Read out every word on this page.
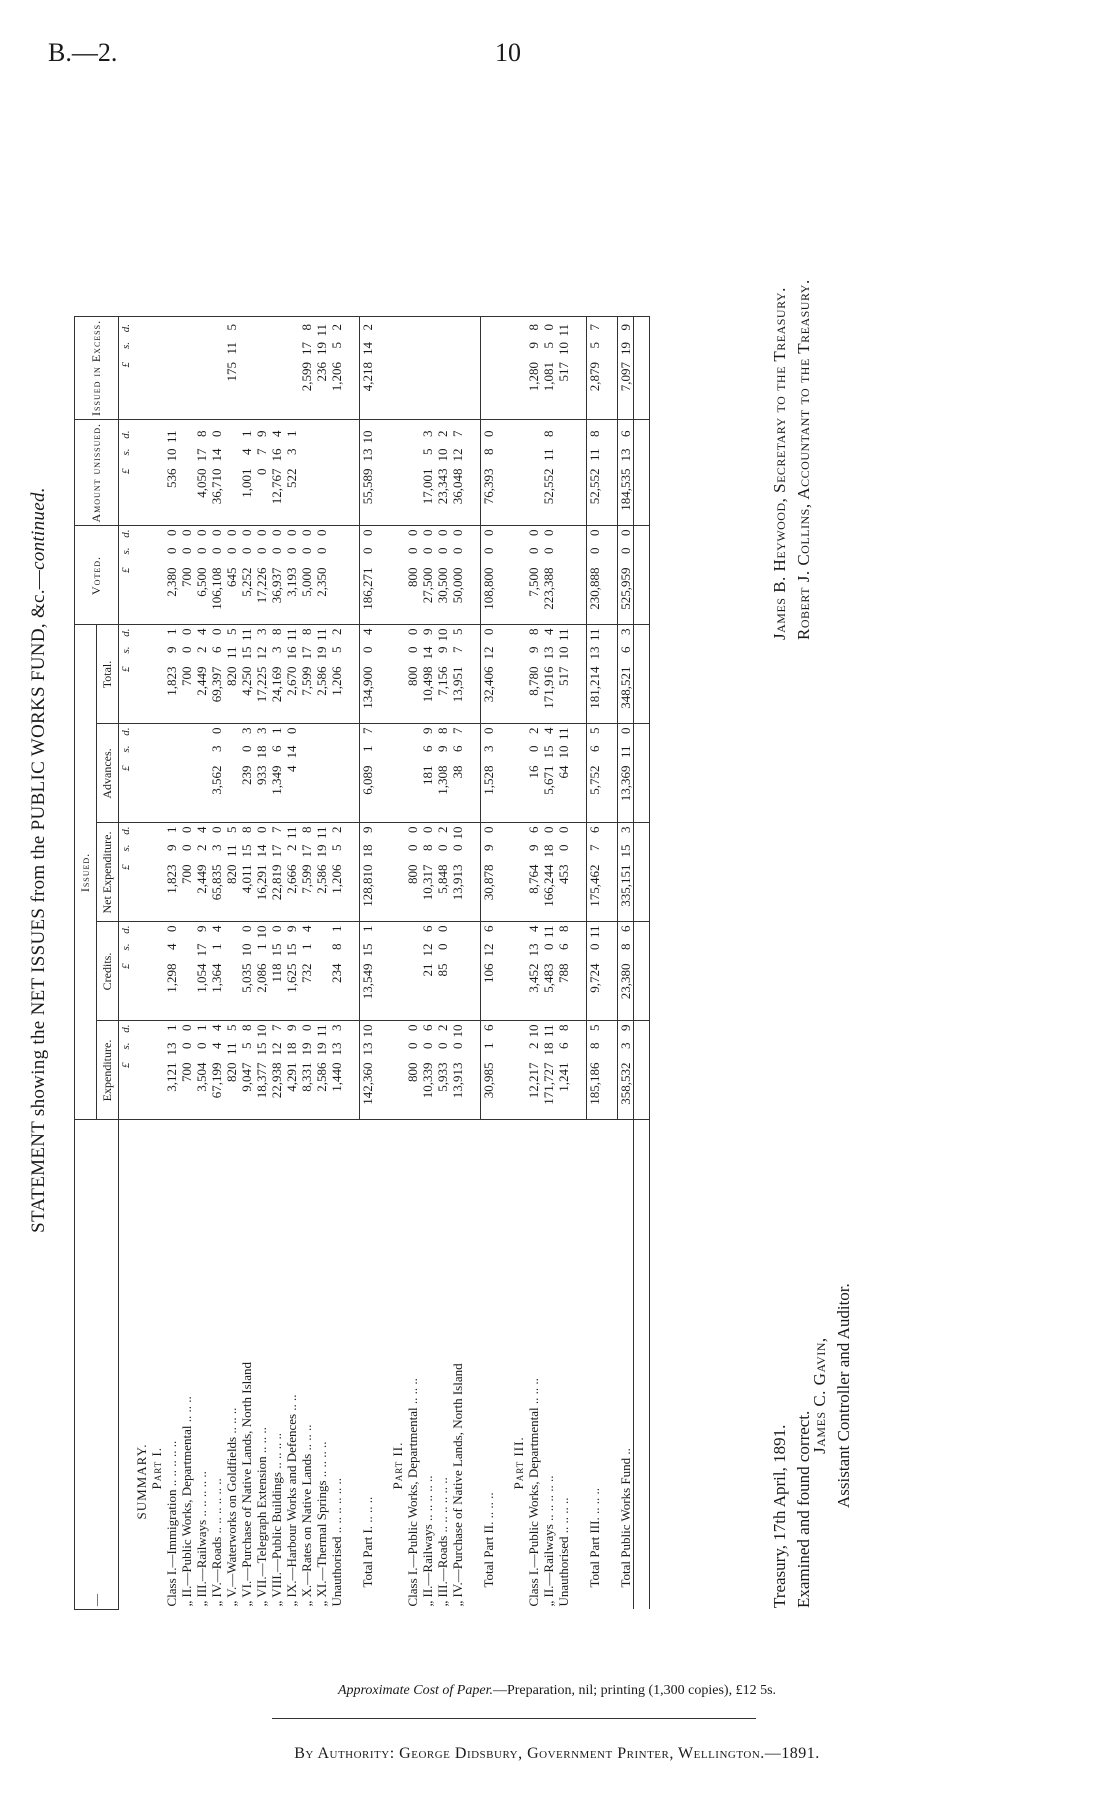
B.—2.	10
STATEMENT showing the NET ISSUES from the PUBLIC WORKS FUND, &c.—continued.
—	Issued.					Voted.	Amount unissued.	Issued in Excess.
	Expenditure.	Credits.	Net Expenditure.	Advances.	Total.			
	£s.d.	£s.d.	£s.d.	£s.d.	£s.d.	£s.d.	£s.d.	£s.d.
SUMMARY.								
Part I.								
Class I.—Immigration .. .. .. .. ..	3,121131	1,29840	1,82391		1,82391	2,38000	5361011	
„ II.—Public Works, Departmental .. .. ..	70000		70000		70000	70000		
„ III.—Railways .. .. .. .. ..	3,50401	1,054179	2,44924		2,44924	6,50000	4,050178	
„ IV.—Roads .. .. .. .. .. ..	67,19944	1,36414	65,83530	3,56230	69,39760	106,10800	36,710140	
„ V.—Waterworks on Goldfields .. .. ..	820115		820115		820115	64500		175115
„ VI.—Purchase of Native Lands, North Island	9,04758	5,035100	4,011158	23903	4,2501511	5,25200	1,00141	
„ VII.—Telegraph Extension .. .. ..	18,3771510	2,086110	16,291140	933183	17,225123	17,22600	079	
„ VIII.—Public Buildings .. .. .. ..	22,938127	118150	22,819177	1,34961	24,16938	36,93700	12,767164	
„ IX.—Harbour Works and Defences .. ..	4,291189	1,625159	2,666211	4140	2,6701611	3,19300	52231	
„ X.—Rates on Native Lands .. .. ..	8,331190	73214	7,599178		7,599178	5,00000		2,599178
„ XI.—Thermal Springs .. .. .. ..	2,5861911		2,5861911		2,5861911	2,35000		2361911
Unauthorised .. .. .. .. .. ..	1,440133	23481	1,20652		1,20652			1,20652

Total Part I. .. .. ..	142,3601310	13,549151	128,810189	6,08917	134,90004	186,27100	55,5891310	4,218142

Part II.								
Class I.—Public Works, Departmental .. .. ..	80000		80000		80000	80000		
„ II.—Railways .. .. .. .. ..	10,33906	21126	10,31780	18169	10,498149	27,50000	17,00153	
„ III.—Roads .. .. .. .. .. ..	5,93302	8500	5,84802	1,30898	7,156910	30,50000	23,343102	
„ IV.—Purchase of Native Lands, North Island	13,913010		13,913010	3867	13,95175	50,00000	36,048127	

Total Part II. .. .. ..	30,98516	106126	30,87890	1,52830	32,406120	108,80000	76,39380	

Part III.								
Class I.—Public Works, Departmental .. .. ..	12,217210	3,452134	8,76496	1602	8,78098	7,50000		1,28098
„ II.—Railways .. .. .. .. ..	171,7271811	5,483011	166,244180	5,671154	171,916134	223,38800	52,552118	1,08150
Unauthorised .. .. .. ..	1,24168	78868	45300	641011	5171011			5171011

Total Part III. .. .. ..	185,18685	9,724011	175,46276	5,75265	181,2141311	230,88800	52,552118	2,87957

Total Public Works Fund ..	358,53239	23,38086	335,151153	13,369110	348,52163	525,95900	184,535136	7,097199

Treasury, 17th April, 1891. Examined and found correct.
James C. Gavin, Assistant Controller and Auditor.
James B. Heywood, Secretary to the Treasury. Robert J. Collins, Accountant to the Treasury.
Approximate Cost of Paper.—Preparation, nil; printing (1,300 copies), £12 5s.
By Authority: George Didsbury, Government Printer, Wellington.—1891.
